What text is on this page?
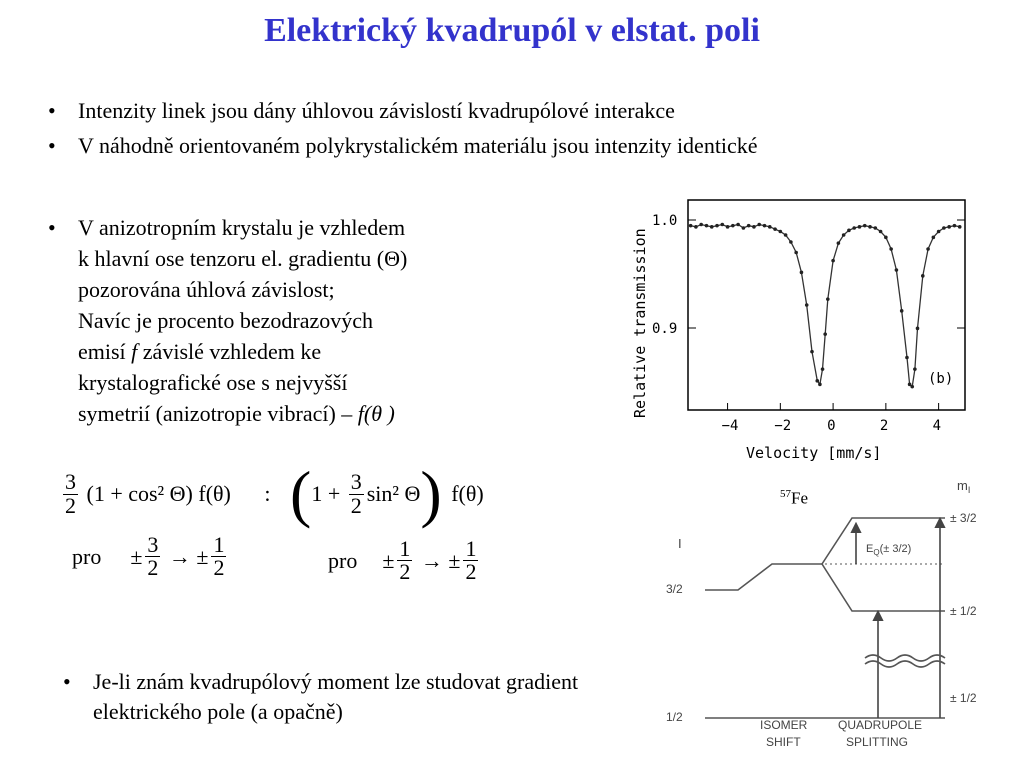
Elektrický kvadrupól v elstat. poli
• Intenzity linek jsou dány úhlovou závislostí kvadrupólové interakce
• V náhodně orientovaném polykrystalickém materiálu jsou intenzity identické
• V anizotropním krystalu je vzhledem
k hlavní ose tenzoru el. gradientu (Θ)
pozorována úhlová závislost;
Navíc je procento bezodrazových
emisí f závislé vzhledem ke
krystalografické ose s nejvyšší
symetrií (anizotropie vibrací) – f(θ )
$\frac{3}{2} (1 + \cos^2$ Θ) f(θ) : ($1 + \frac{3}{2} \sin^2$ Θ) f(θ)
pro ± $\frac{3}{2}$ → ± $\frac{1}{2}$	pro ± $\frac{1}{2}$ → ± $\frac{1}{2}$
• Je-li znám kvadrupólový moment lze studovat gradient elektrického pole (a opačně)
Relative transmission
1.0
0.9
−4	−2	0	2	4
(b)
Velocity [mm/s]
$^{57}$Fe
$m_I$
I
3/2
1/2
$E_Q(\pm 3/2)$
± 3/2
± 1/2
± 1/2
ISOMER
SHIFT
QUADRUPOLE
SPLITTING
